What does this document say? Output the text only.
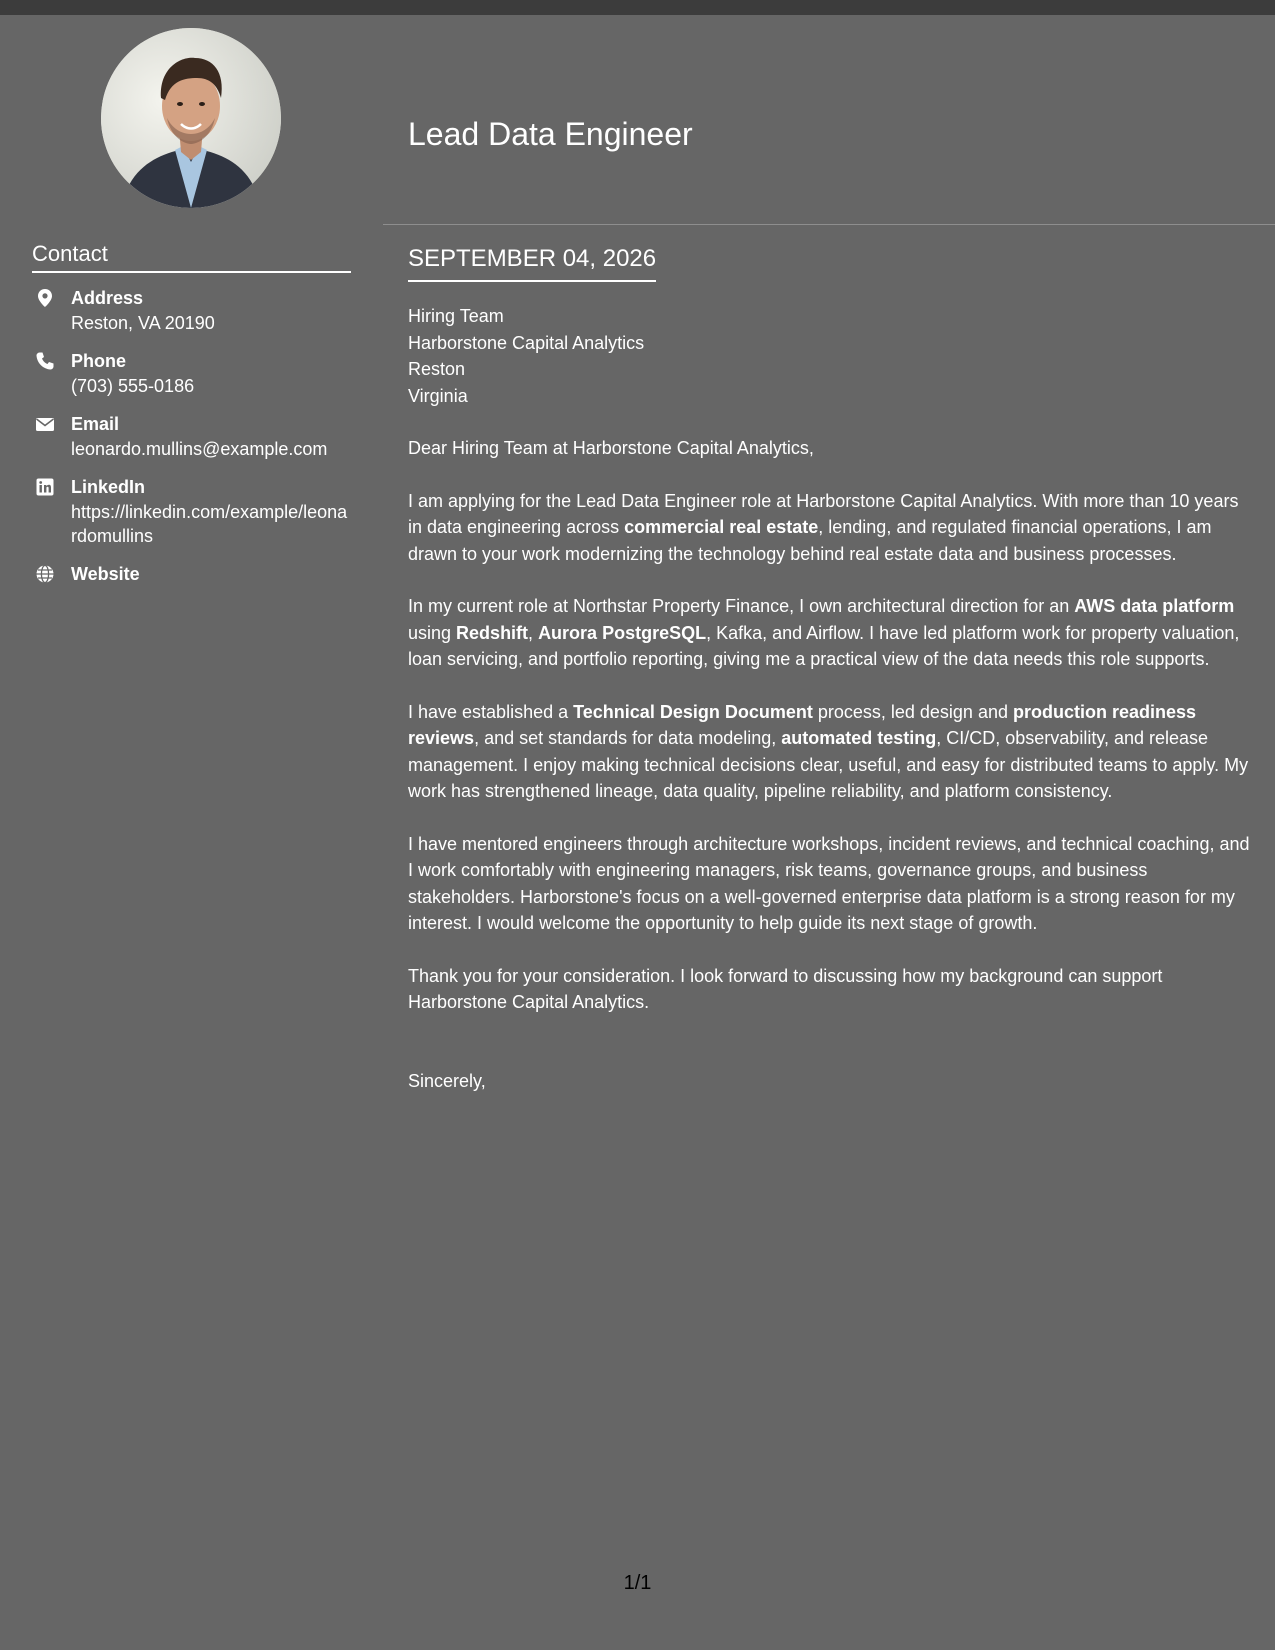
Contact
Address
Reston, VA 20190
Phone
(703) 555-0186
Email
leonardo.mullins@example.com
LinkedIn
https://linkedin.com/example/leonardomullins
Website
Lead Data Engineer
SEPTEMBER 04, 2026
Hiring Team
Harborstone Capital Analytics
Reston
Virginia

Dear Hiring Team at Harborstone Capital Analytics,

I am applying for the Lead Data Engineer role at Harborstone Capital Analytics. With more than 10 years in data engineering across commercial real estate, lending, and regulated financial operations, I am drawn to your work modernizing the technology behind real estate data and business processes.

In my current role at Northstar Property Finance, I own architectural direction for an AWS data platform using Redshift, Aurora PostgreSQL, Kafka, and Airflow. I have led platform work for property valuation, loan servicing, and portfolio reporting, giving me a practical view of the data needs this role supports.

I have established a Technical Design Document process, led design and production readiness reviews, and set standards for data modeling, automated testing, CI/CD, observability, and release management. I enjoy making technical decisions clear, useful, and easy for distributed teams to apply. My work has strengthened lineage, data quality, pipeline reliability, and platform consistency.

I have mentored engineers through architecture workshops, incident reviews, and technical coaching, and I work comfortably with engineering managers, risk teams, governance groups, and business stakeholders. Harborstone's focus on a well-governed enterprise data platform is a strong reason for my interest. I would welcome the opportunity to help guide its next stage of growth.

Thank you for your consideration. I look forward to discussing how my background can support Harborstone Capital Analytics.

Sincerely,
1/1
